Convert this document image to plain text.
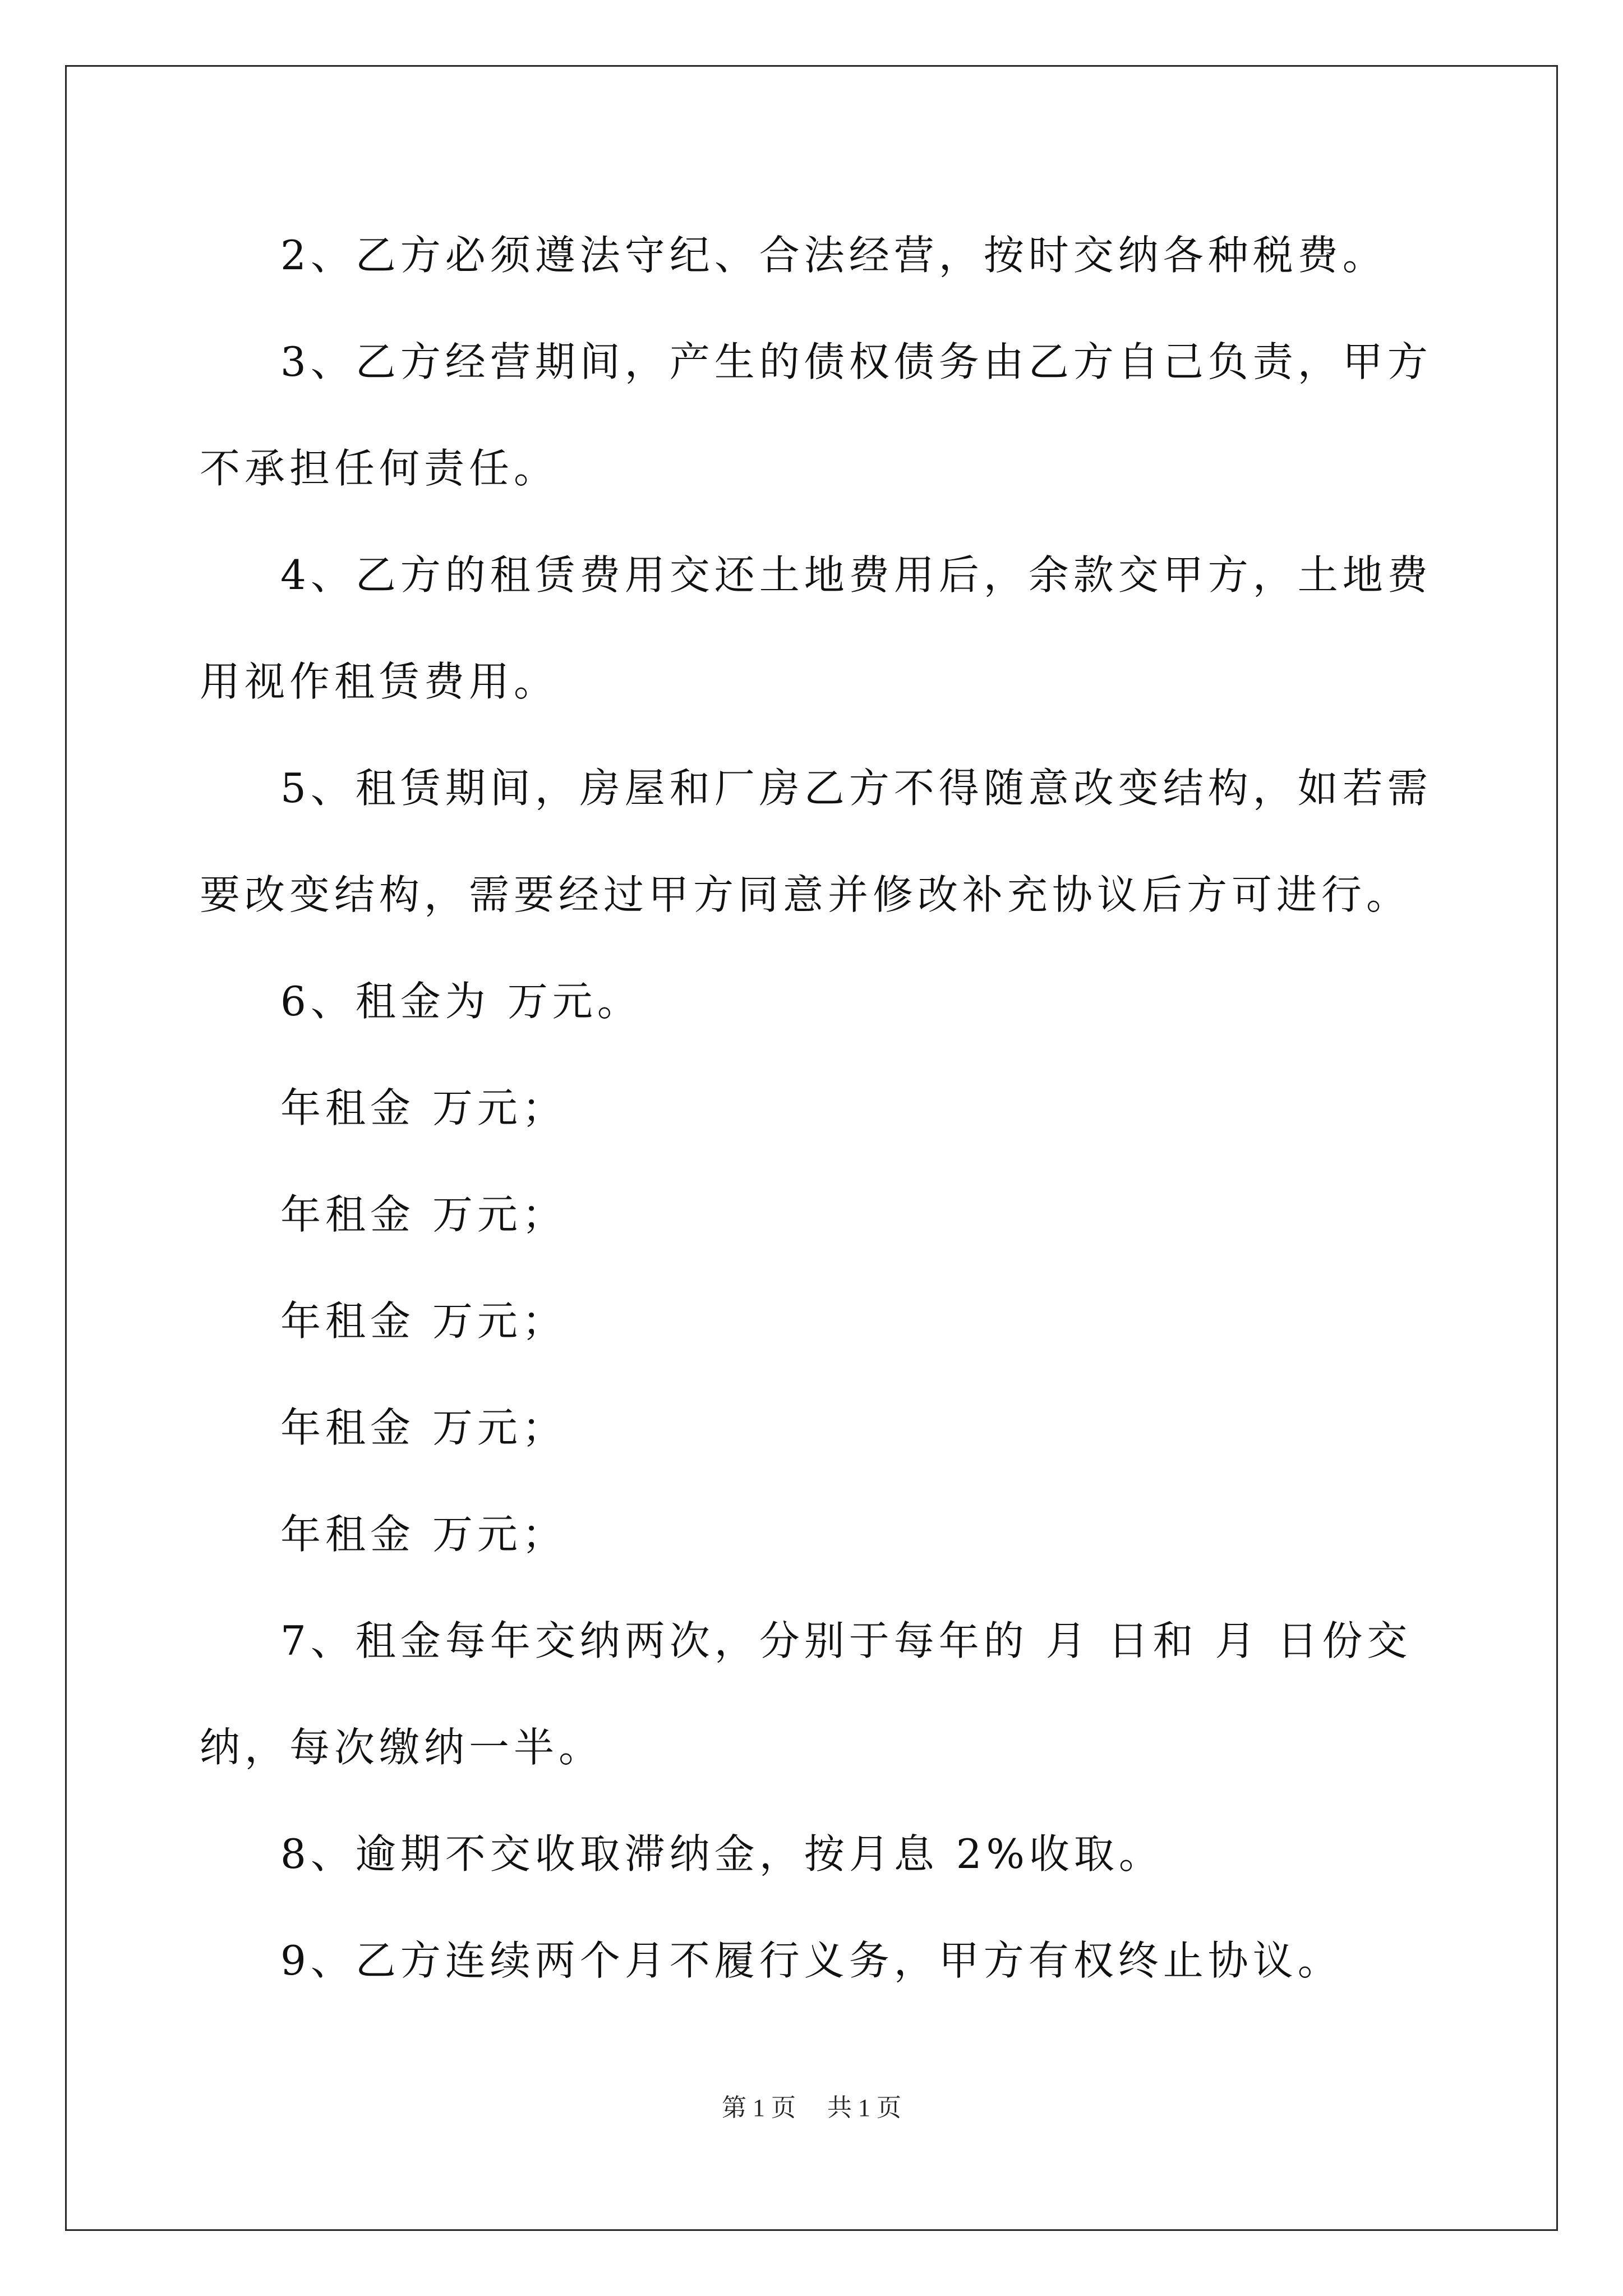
2、乙方必须遵法守纪、合法经营，按时交纳各种税费。

3、乙方经营期间，产生的债权债务由乙方自己负责，甲方不承担任何责任。

4、乙方的租赁费用交还土地费用后，余款交甲方，土地费用视作租赁费用。

5、租赁期间，房屋和厂房乙方不得随意改变结构，如若需要改变结构，需要经过甲方同意并修改补充协议后方可进行。

6、租金为 万元。

年租金 万元；

年租金 万元；

年租金 万元；

年租金 万元；

年租金 万元；

7、租金每年交纳两次，分别于每年的 月 日和 月 日份交纳，每次缴纳一半。

8、逾期不交收取滞纳金，按月息 2%收取。

9、乙方连续两个月不履行义务，甲方有权终止协议。

第 1 页 共 1 页
